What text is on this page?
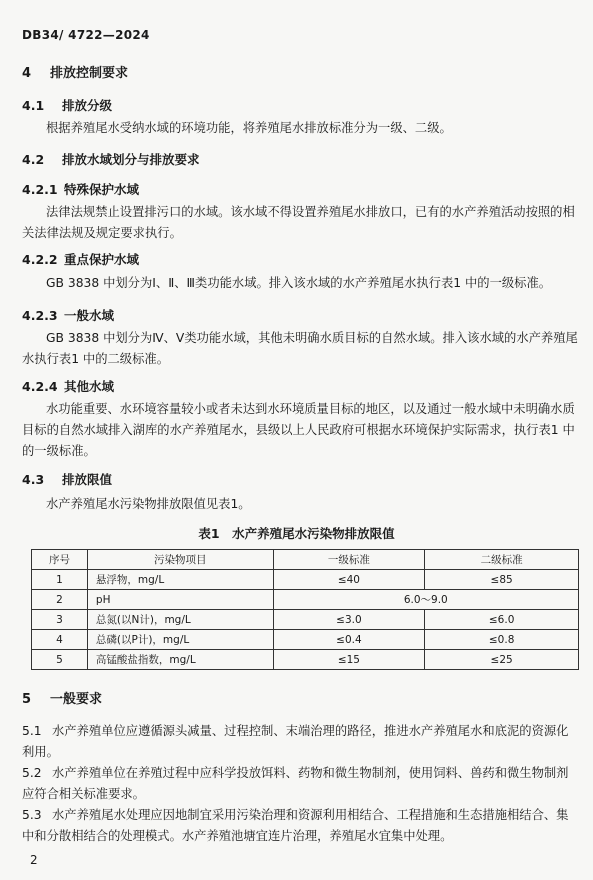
DB34/ 4722—2024
4 排放控制要求
4.1 排放分级
根据养殖尾水受纳水域的环境功能，将养殖尾水排放标准分为一级、二级。
4.2 排放水域划分与排放要求
4.2.1 特殊保护水域
法律法规禁止设置排污口的水域。该水域不得设置养殖尾水排放口，已有的水产养殖活动按照的相
关法律法规及规定要求执行。
4.2.2 重点保护水域
GB 3838 中划分为Ⅰ、Ⅱ、Ⅲ类功能水域。排入该水域的水产养殖尾水执行表1 中的一级标准。
4.2.3 一般水域
GB 3838 中划分为Ⅳ、Ⅴ类功能水域，其他未明确水质目标的自然水域。排入该水域的水产养殖尾
水执行表1 中的二级标准。
4.2.4 其他水域
水功能重要、水环境容量较小或者未达到水环境质量目标的地区，以及通过一般水域中未明确水质
目标的自然水域排入湖库的水产养殖尾水，县级以上人民政府可根据水环境保护实际需求，执行表1 中
的一级标准。
4.3 排放限值
水产养殖尾水污染物排放限值见表1。
表1　水产养殖尾水污染物排放限值
序号	污染物项目	一级标准	二级标准
1	悬浮物，mg/L	≤40	≤85
2	pH	6.0～9.0	
3	总氮(以N计)，mg/L	≤3.0	≤6.0
4	总磷(以P计)，mg/L	≤0.4	≤0.8
5	高锰酸盐指数，mg/L	≤15	≤25
5 一般要求
5.1 水产养殖单位应遵循源头减量、过程控制、末端治理的路径，推进水产养殖尾水和底泥的资源化
利用。
5.2 水产养殖单位在养殖过程中应科学投放饵料、药物和微生物制剂，使用饲料、兽药和微生物制剂
应符合相关标准要求。
5.3 水产养殖尾水处理应因地制宜采用污染治理和资源利用相结合、工程措施和生态措施相结合、集
中和分散相结合的处理模式。水产养殖池塘宜连片治理，养殖尾水宜集中处理。
2
